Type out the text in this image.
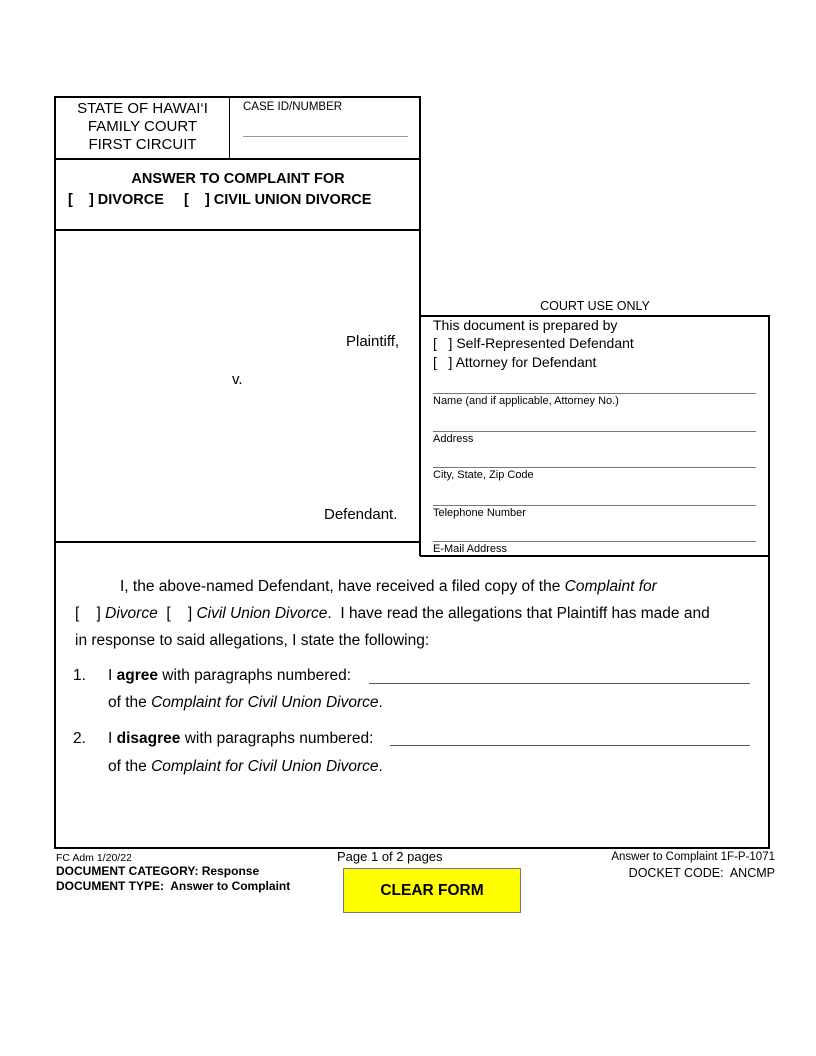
STATE OF HAWAI‘I
FAMILY COURT
FIRST CIRCUIT
CASE ID/NUMBER
ANSWER TO COMPLAINT FOR
[    ] DIVORCE     [    ] CIVIL UNION DIVORCE
Plaintiff,
v.
Defendant.
COURT USE ONLY
This document is prepared by
[   ] Self-Represented Defendant
[   ] Attorney for Defendant
Name (and if applicable, Attorney No.)
Address
City, State, Zip Code
Telephone Number
E-Mail Address
I, the above-named Defendant, have received a filed copy of the Complaint for
[    ] Divorce  [    ] Civil Union Divorce.  I have read the allegations that Plaintiff has made and
in response to said allegations, I state the following:
1. I agree with paragraphs numbered:
of the Complaint for Civil Union Divorce.
2. I disagree with paragraphs numbered:
of the Complaint for Civil Union Divorce.
FC Adm 1/20/22
DOCUMENT CATEGORY: Response
DOCUMENT TYPE:  Answer to Complaint
Page 1 of 2 pages
CLEAR FORM
Answer to Complaint 1F-P-1071
DOCKET CODE:  ANCMP
